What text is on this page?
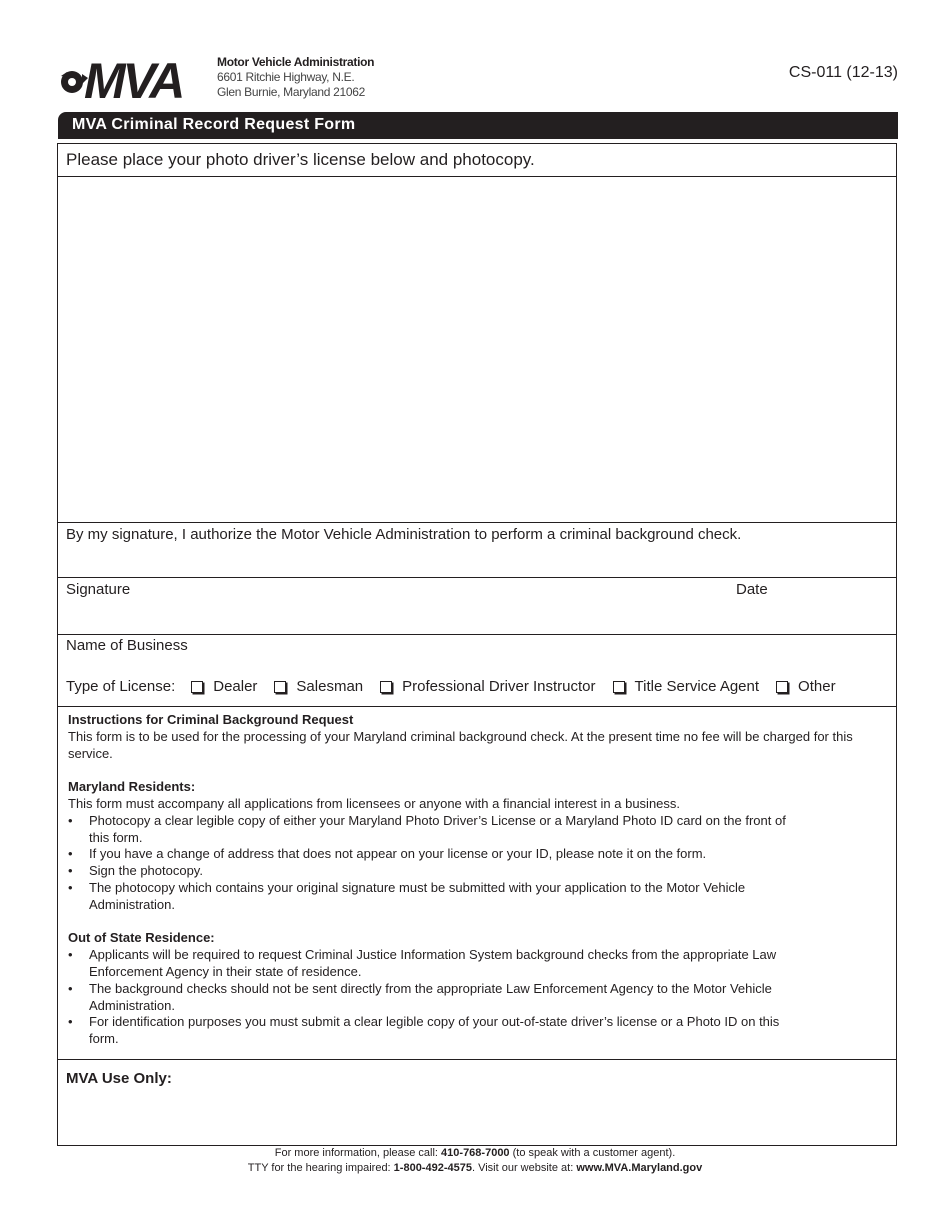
MVA	Motor Vehicle Administration
6601 Ritchie Highway, N.E.
Glen Burnie, Maryland 21062
CS-011 (12-13)
MVA Criminal Record Request Form
Please place your photo driver’s license below and photocopy.
By my signature, I authorize the Motor Vehicle Administration to perform a criminal background check.
Signature	Date
Name of Business
Type of License:	Dealer	Salesman	Professional Driver Instructor	Title Service Agent	Other
Instructions for Criminal Background Request
This form is to be used for the processing of your Maryland criminal background check. At the present time no fee will be charged for this service.
Maryland Residents:
This form must accompany all applications from licensees or anyone with a financial interest in a business.
• Photocopy a clear legible copy of either your Maryland Photo Driver’s License or a Maryland Photo ID card on the front of this form.
• If you have a change of address that does not appear on your license or your ID, please note it on the form.
• Sign the photocopy.
• The photocopy which contains your original signature must be submitted with your application to the Motor Vehicle Administration.
Out of State Residence:
• Applicants will be required to request Criminal Justice Information System background checks from the appropriate Law Enforcement Agency in their state of residence.
• The background checks should not be sent directly from the appropriate Law Enforcement Agency to the Motor Vehicle Administration.
• For identification purposes you must submit a clear legible copy of your out-of-state driver’s license or a Photo ID on this form.
MVA Use Only:
For more information, please call: 410-768-7000 (to speak with a customer agent).
TTY for the hearing impaired: 1-800-492-4575. Visit our website at: www.MVA.Maryland.gov
